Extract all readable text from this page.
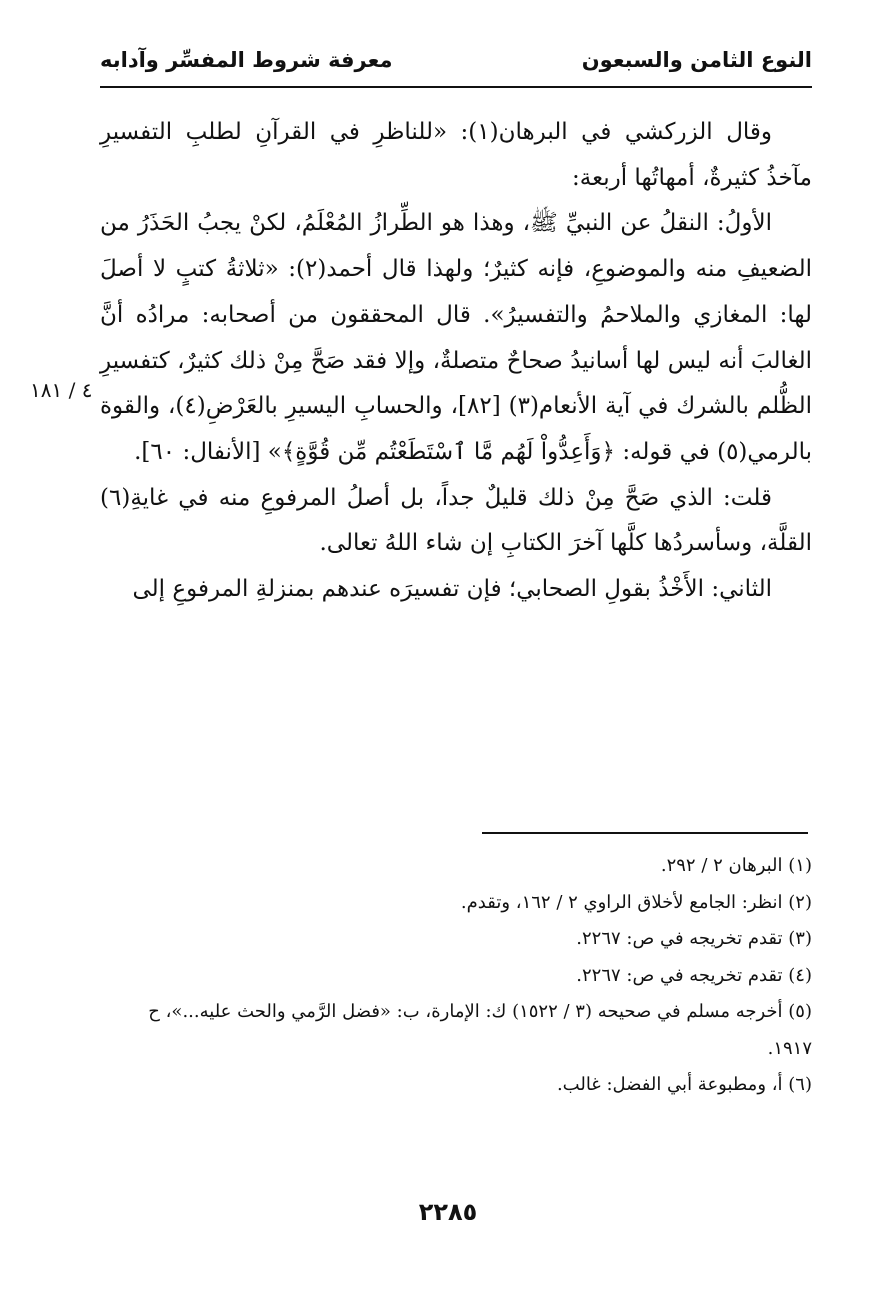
النوع الثامن والسبعون
معرفة شروط المفسِّر وآدابه

وقال الزركشي في البرهان(١): «للناظرِ في القرآنِ لطلبِ التفسيرِ مآخذُ كثيرةٌ، أمهاتُها أربعة:

الأولُ: النقلُ عن النبيِّ ﷺ، وهذا هو الطِّرازُ المُعْلَمُ، لكنْ يجبُ الحَذَرُ من الضعيفِ منه والموضوعِ، فإنه كثيرٌ؛ ولهذا قال أحمد(٢): «ثلاثةُ كتبٍ لا أصلَ لها: المغازي والملاحمُ والتفسيرُ». قال المحققون من أصحابه: مرادُه أنَّ الغالبَ أنه ليس لها أسانيدُ صحاحٌ متصلةٌ، وإلا فقد صَحَّ مِنْ ذلك كثيرٌ، كتفسيرِ الظُّلم بالشرك في آية الأنعام(٣) [٨٢]، والحسابِ اليسيرِ بالعَرْضِ(٤)، والقوة بالرمي(٥) في قوله: ﴿وَأَعِدُّواْ لَهُم مَّا ٱسْتَطَعْتُم مِّن قُوَّةٍ﴾» [الأنفال: ٦٠].

قلت: الذي صَحَّ مِنْ ذلك قليلٌ جداً، بل أصلُ المرفوعِ منه في غايةِ(٦) القلَّة، وسأسردُها كلَّها آخرَ الكتابِ إن شاء اللهُ تعالى.

الثاني: الأَخْذُ بقولِ الصحابي؛ فإن تفسيرَه عندهم بمنزلةِ المرفوعِ إلى

٤ / ١٨١

(١) البرهان ٢ / ٢٩٢.

(٢) انظر: الجامع لأخلاق الراوي ٢ / ١٦٢، وتقدم.

(٣) تقدم تخريجه في ص: ٢٢٦٧.

(٤) تقدم تخريجه في ص: ٢٢٦٧.

(٥) أخرجه مسلم في صحيحه (٣ / ١٥٢٢) ك: الإمارة، ب: «فضل الرَّمي والحث عليه...»، ح ١٩١٧.

(٦) أ، ومطبوعة أبي الفضل: غالب.

٢٢٨٥
